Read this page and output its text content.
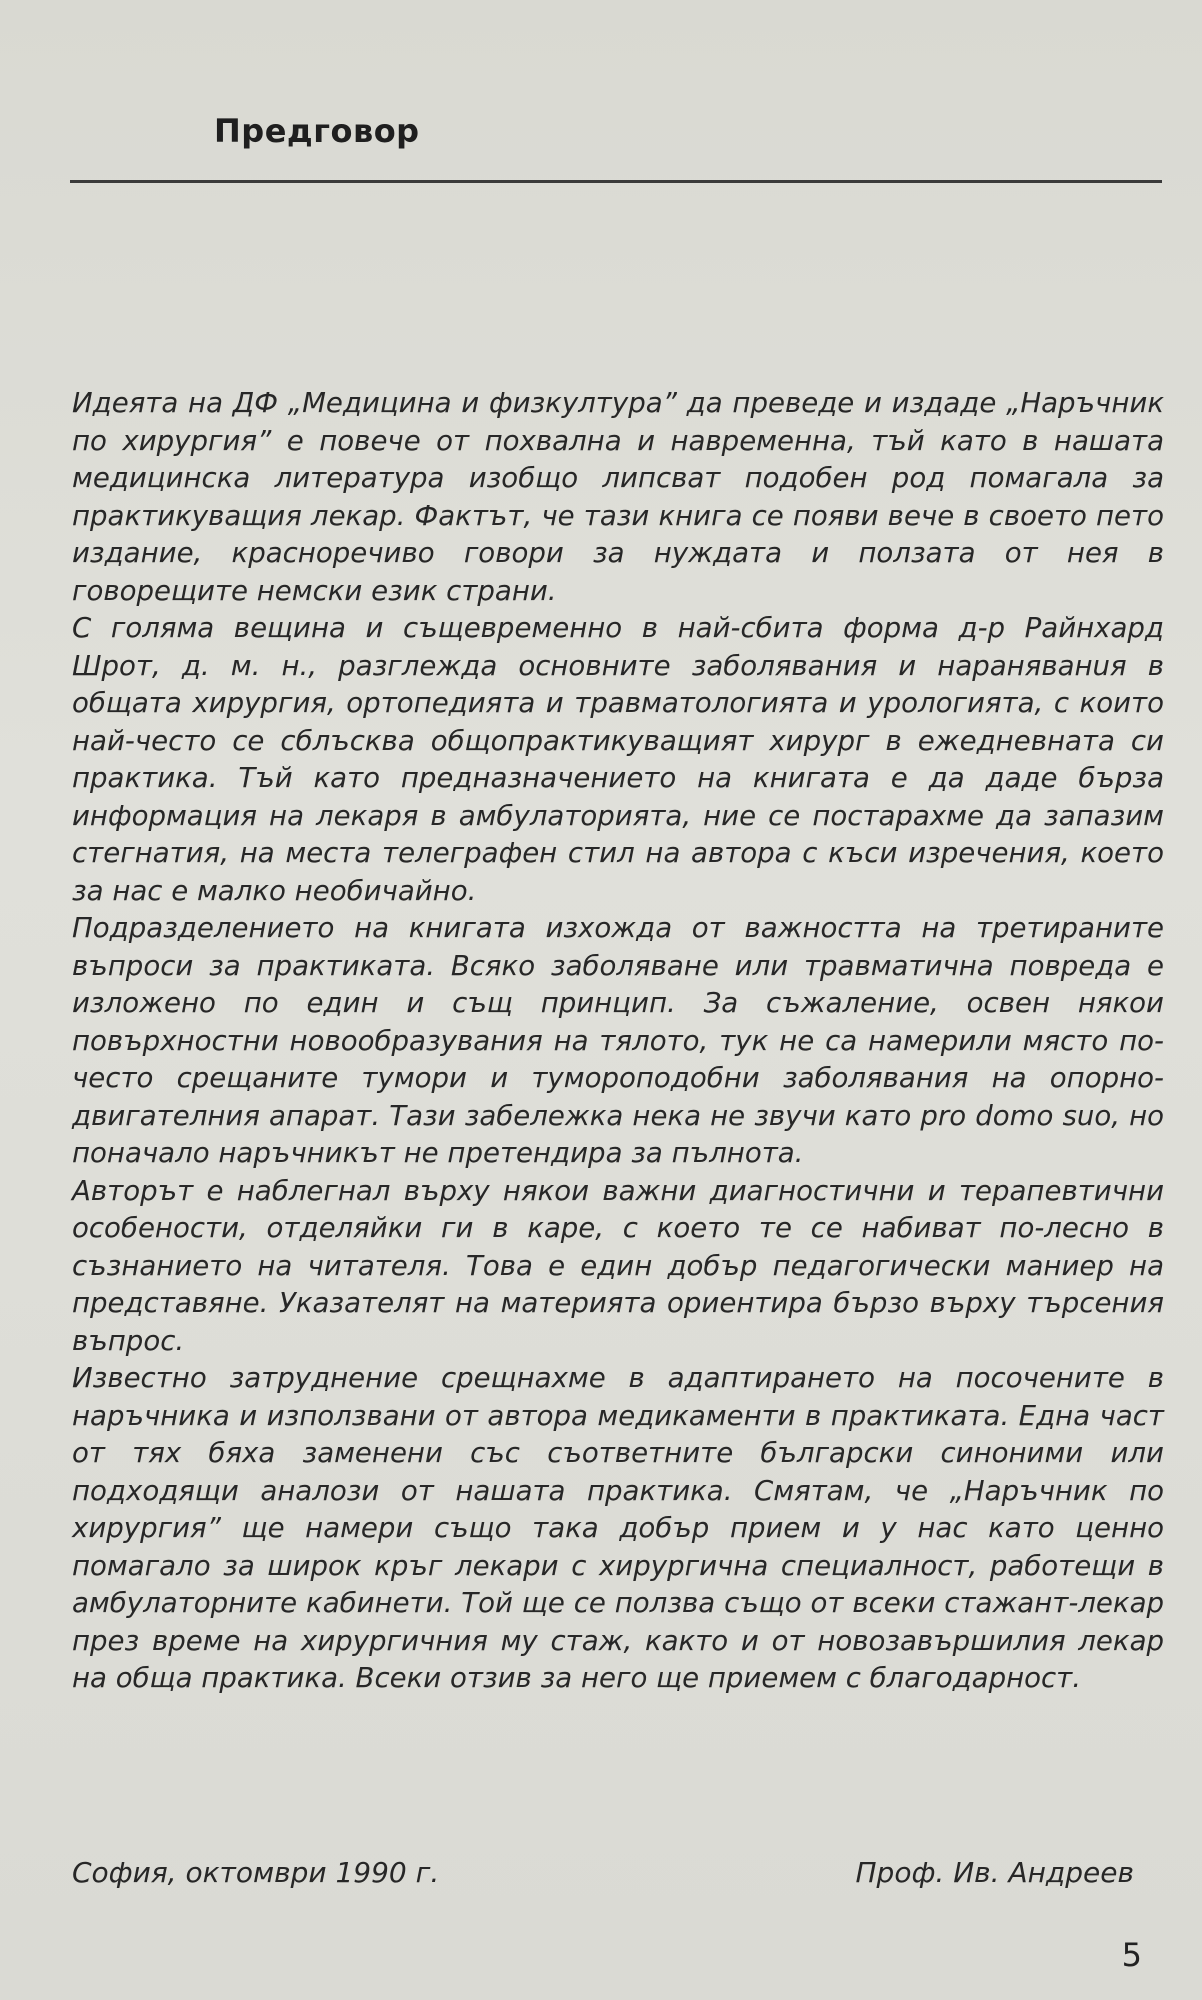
Предговор

Идеята на ДФ „Медицина и физкултура” да преведе и издаде „Наръчник по хирургия” е повече от похвална и навременна, тъй като в нашата медицинска литература изобщо липсват подобен род помагала за практикуващия лекар. Фактът, че тази книга се появи вече в своето пето издание, красноречиво говори за нуждата и ползата от нея в говорещите немски език страни.

С голяма вещина и същевременно в най-сбита форма д-р Райнхард Шрот, д. м. н., разглежда основните заболявания и нараняванuя в общата хирургия, ортопедията и травматологията и урологията, с които най-често се сблъсква общопрактикуващият хирург в ежедневната си практика. Тъй като предназначението на книгата е да даде бърза информация на лекаря в амбулаторията, ние се постарахме да запазим стегнатия, на места телеграфен стил на автора с къси изречения, което за нас е малко необичайно.

Подразделението на книгата изхожда от важността на третираните въпроси за практиката. Всяко заболяване или травматична повреда е изложено по един и същ принцип. За съжаление, освен някои повърхностни новообразувания на тялото, тук не са намерили място по-често срещаните тумори и тумороподобни заболявания на опорно-двигателния апарат. Тази забележка нека не звучи като pro domo suo, но поначало наръчникът не претендира за пълнота.

Авторът е наблегнал върху някои важни диагностични и терапевтични особености, отделяйки ги в каре, с което те се набиват по-лесно в съзнанието на читателя. Това е един добър педагогически маниер на представяне. Указателят на материята ориентира бързо върху търсения въпрос.

Известно затруднение срещнахме в адаптирането на посочените в наръчника и използвани от автора медикаменти в практиката. Една част от тях бяха заменени със съответните български синоними или подходящи аналози от нашата практика. Смятам, че „Наръчник по хирургия” ще намери също така добър прием и у нас като ценно помагало за широк кръг лекари с хирургична специалност, работещи в амбулаторните кабинети. Той ще се ползва също от всеки стажант-лекар през време на хирургичния му стаж, както и от новозавършилия лекар на обща практика. Всеки отзив за него ще приемем с благодарност.

София, октомври 1990 г.	Проф. Ив. Андреев
5
